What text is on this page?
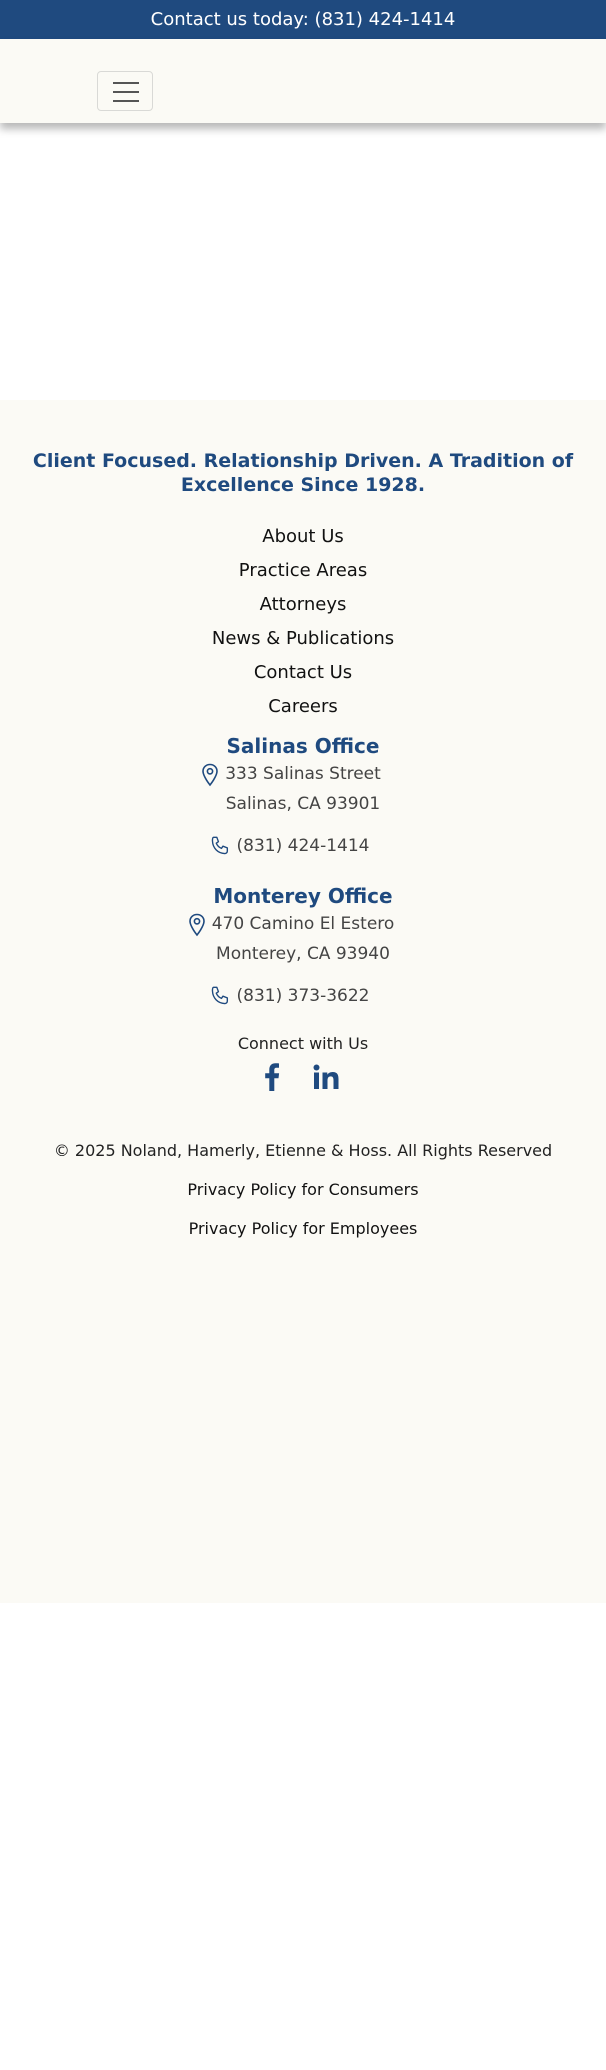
Contact us today: (831) 424-1414
Client Focused. Relationship Driven. A Tradition of Excellence Since 1928.
About Us
Practice Areas
Attorneys
News & Publications
Contact Us
Careers
Salinas Office
333 Salinas Street
Salinas, CA 93901
(831) 424-1414
Monterey Office
470 Camino El Estero
Monterey, CA 93940
(831) 373-3622
Connect with Us
© 2025 Noland, Hamerly, Etienne & Hoss. All Rights Reserved
Privacy Policy for Consumers
Privacy Policy for Employees
